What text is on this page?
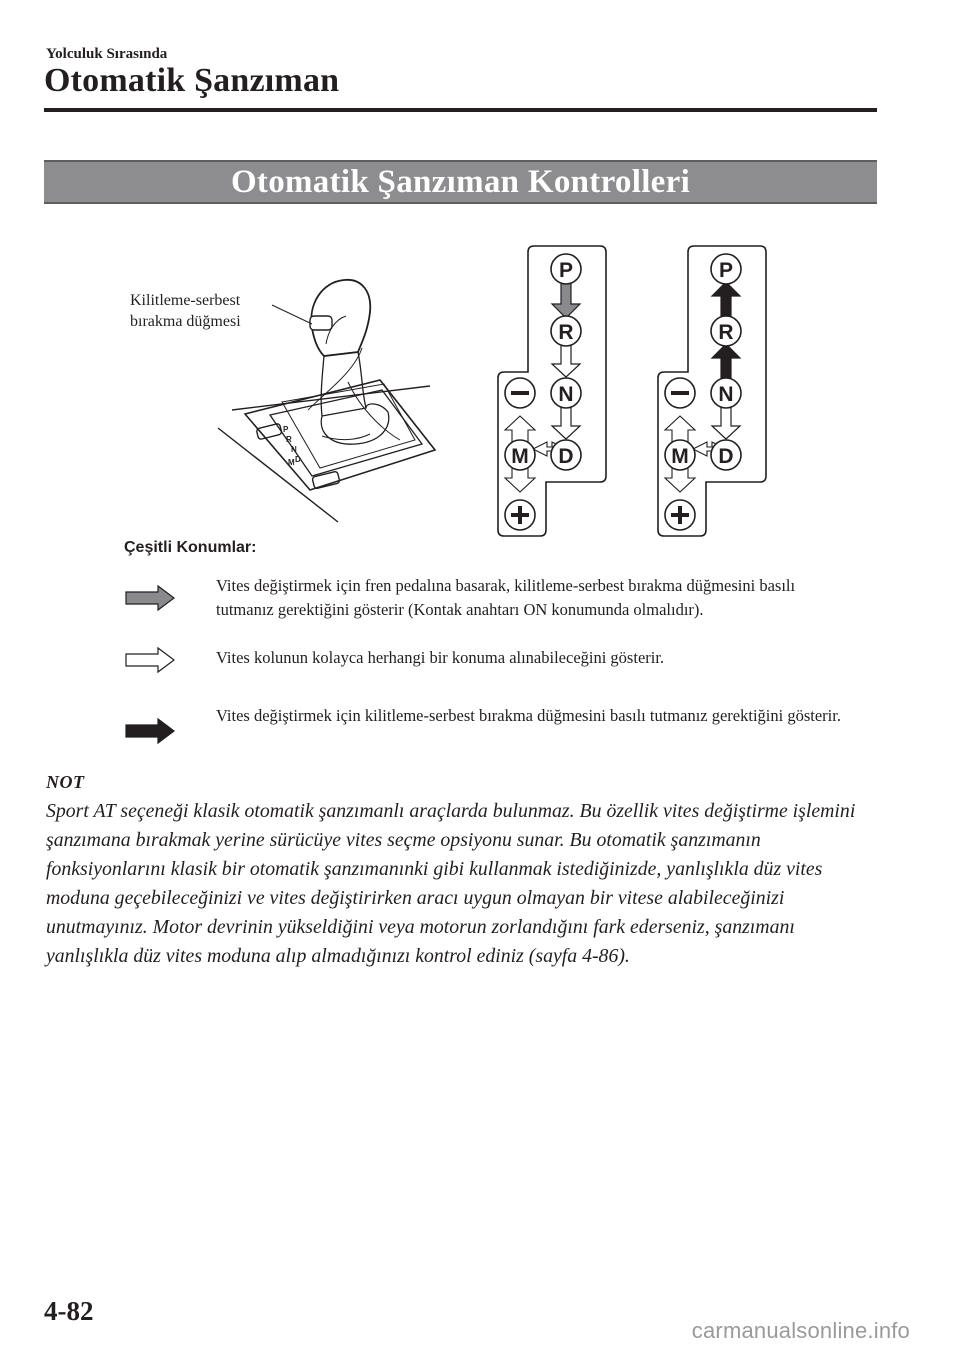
Yolculuk Sırasında
Otomatik Şanzıman
Otomatik Şanzıman Kontrolleri
Kilitleme-serbest
bırakma düğmesi
P
R
N
D
M
P
R
N
D
M
P
R
N
D
M
Çeşitli Konumlar:
Vites değiştirmek için fren pedalına basarak, kilitleme-serbest bırakma düğmesini basılı tutmanız gerektiğini gösterir (Kontak anahtarı ON konumunda olmalıdır).
Vites kolunun kolayca herhangi bir konuma alınabileceğini gösterir.
Vites değiştirmek için kilitleme-serbest bırakma düğmesini basılı tutmanız gerektiğini gösterir.
NOT
Sport AT seçeneği klasik otomatik şanzımanlı araçlarda bulunmaz. Bu özellik vites değiştirme işlemini şanzımana bırakmak yerine sürücüye vites seçme opsiyonu sunar. Bu otomatik şanzımanın fonksiyonlarını klasik bir otomatik şanzımanınki gibi kullanmak istediğinizde, yanlışlıkla düz vites moduna geçebileceğinizi ve vites değiştirirken aracı uygun olmayan bir vitese alabileceğinizi unutmayınız. Motor devrinin yükseldiğini veya motorun zorlandığını fark ederseniz, şanzımanı yanlışlıkla düz vites moduna alıp almadığınızı kontrol ediniz (sayfa 4-86).
4-82
carmanualsonline.info
